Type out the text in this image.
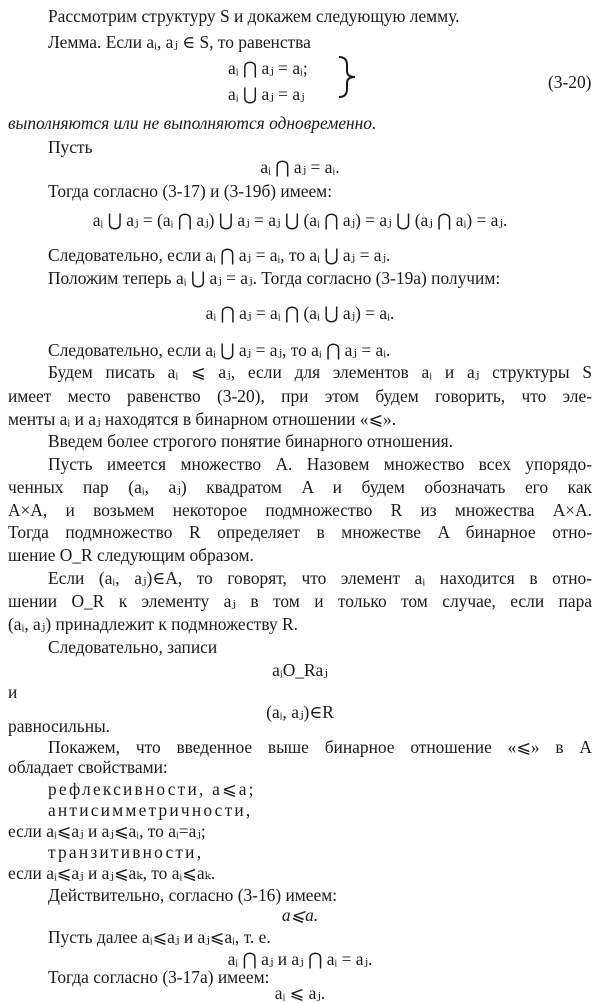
Рассмотрим структуру S и докажем следующую лемму.
Лемма. Если aᵢ, aⱼ ∈ S, то равенства
aᵢ ⋂ aⱼ = aᵢ;
aᵢ ⋃ aⱼ = aⱼ
(3-20)
выполняются или не выполняются одновременно.
Пусть
aᵢ ⋂ aⱼ = aᵢ.
Тогда согласно (3-17) и (3-19б) имеем:
aᵢ ⋃ aⱼ = (aᵢ ⋂ aⱼ) ⋃ aⱼ = aⱼ ⋃ (aᵢ ⋂ aⱼ) = aⱼ ⋃ (aⱼ ⋂ aᵢ) = aⱼ.
Следовательно, если aᵢ ⋂ aⱼ = aᵢ, то aᵢ ⋃ aⱼ = aⱼ.
Положим теперь aᵢ ⋃ aⱼ = aⱼ. Тогда согласно (3-19а) получим:
aᵢ ⋂ aⱼ = aᵢ ⋂ (aᵢ ⋃ aⱼ) = aᵢ.
Следовательно, если aᵢ ⋃ aⱼ = aⱼ, то aᵢ ⋂ aⱼ = aᵢ.
Будем писать aᵢ ⩽ aⱼ, если для элементов aᵢ и aⱼ структуры S
имеет место равенство (3-20), при этом будем говорить, что эле-
менты aᵢ и aⱼ находятся в бинарном отношении «⩽».
Введем более строгого понятие бинарного отношения.
Пусть имеется множество A. Назовем множество всех упорядо-
ченных пар (aᵢ, aⱼ) квадратом A и будем обозначать его как
A×A, и возьмем некоторое подмножество R из множества A×A.
Тогда подмножество R определяет в множестве A бинарное отно-
шение O_R следующим образом.
Если (aᵢ, aⱼ)∈A, то говорят, что элемент aᵢ находится в отно-
шении O_R к элементу aⱼ в том и только том случае, если пара
(aᵢ, aⱼ) принадлежит к подмножеству R.
Следовательно, записи
aᵢO_Raⱼ
и
(aᵢ, aⱼ)∈R
равносильны.
Покажем, что введенное выше бинарное отношение «⩽» в A
обладает свойствами:
рефлексивности, a⩽a;
антисимметричности,
если aᵢ⩽aⱼ и aⱼ⩽aᵢ, то aᵢ=aⱼ;
транзитивности,
если aᵢ⩽aⱼ и aⱼ⩽aₖ, то aᵢ⩽aₖ.
Действительно, согласно (3-16) имеем:
a⩽a.
Пусть далее aᵢ⩽aⱼ и aⱼ⩽aᵢ, т. е.
aᵢ ⋂ aⱼ и aⱼ ⋂ aᵢ = aⱼ.
Тогда согласно (3-17а) имеем:
aᵢ ⩽ aⱼ.
